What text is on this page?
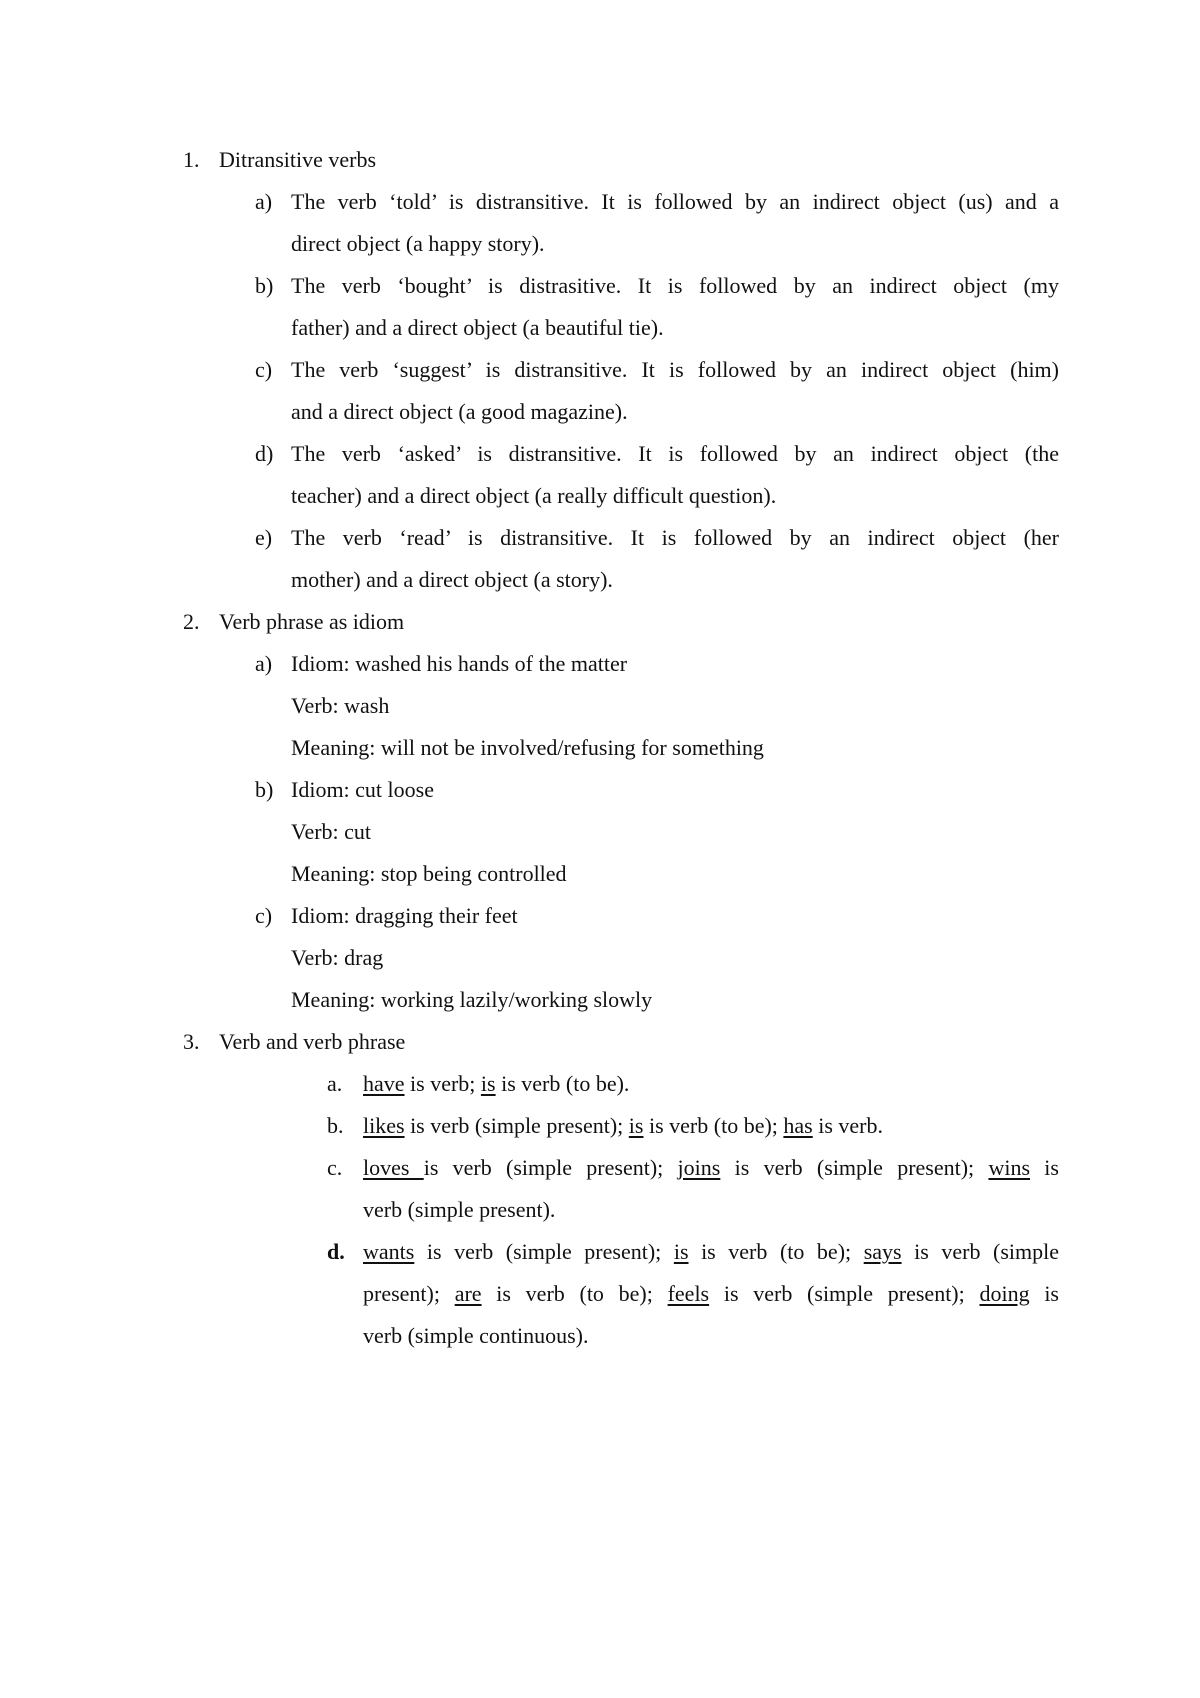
1. Ditransitive verbs
a) The verb ‘told’ is distransitive. It is followed by an indirect object (us) and a
direct object (a happy story).
b) The verb ‘bought’ is distrasitive. It is followed by an indirect object (my
father) and a direct object (a beautiful tie).
c) The verb ‘suggest’ is distransitive. It is followed by an indirect object (him)
and a direct object (a good magazine).
d) The verb ‘asked’ is distransitive. It is followed by an indirect object (the
teacher) and a direct object (a really difficult question).
e) The verb ‘read’ is distransitive. It is followed by an indirect object (her
mother) and a direct object (a story).
2. Verb phrase as idiom
a) Idiom: washed his hands of the matter
Verb: wash
Meaning: will not be involved/refusing for something
b) Idiom: cut loose
Verb: cut
Meaning: stop being controlled
c) Idiom: dragging their feet
Verb: drag
Meaning: working lazily/working slowly
3. Verb and verb phrase
a. have is verb; is is verb (to be).
b. likes is verb (simple present); is is verb (to be); has is verb.
c. loves is verb (simple present); joins is verb (simple present); wins is
verb (simple present).
d. wants is verb (simple present); is is verb (to be); says is verb (simple
present); are is verb (to be); feels is verb (simple present); doing is
verb (simple continuous).
